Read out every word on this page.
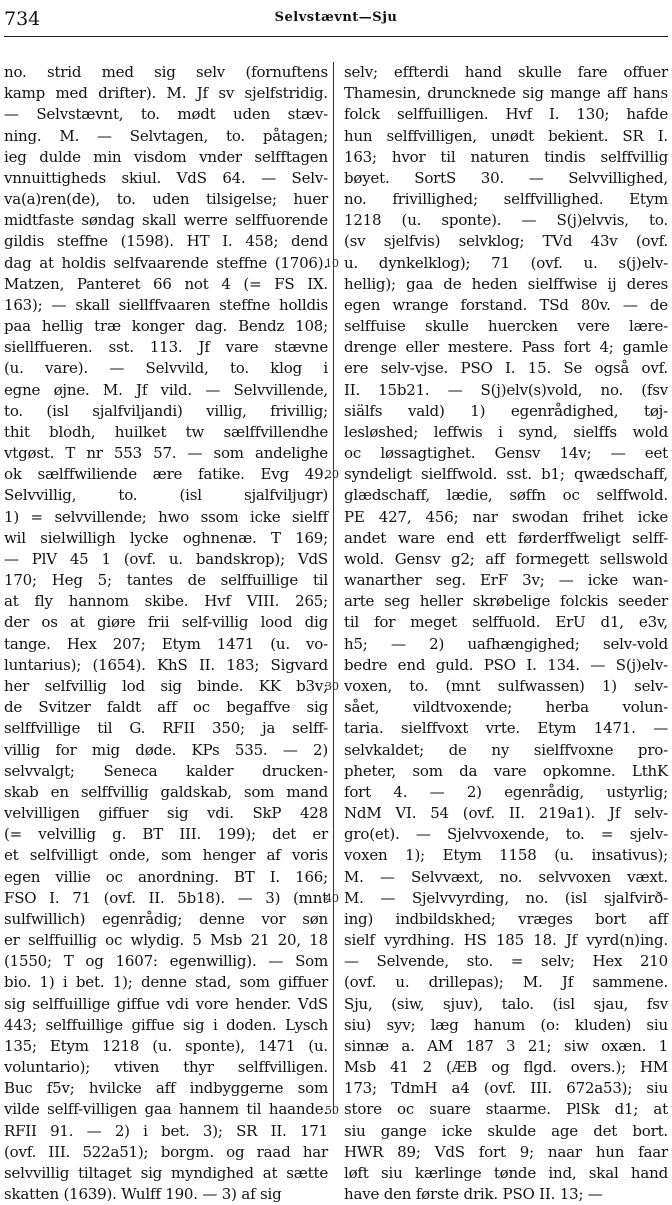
734	Selvstævnt—Sju
no. strid med sig selv (fornuftens
kamp med drifter). M. Jf sv sjelfstridig.
— Selvstævnt, to. mødt uden stæv-
ning. M. — Selvtagen, to. påtagen;
ieg dulde min visdom vnder selfftagen
vnnuittigheds skiul. VdS 64. — Selv-
va(a)ren(de), to. uden tilsigelse; huer
midtfaste søndag skall werre selffuorende
gildis steffne (1598). HT I. 458; dend
dag at holdis selfvaarende steffne (1706).
Matzen, Panteret 66 not 4 (= FS IX.
163); — skall siellffvaaren steffne holldis
paa hellig træ konger dag. Bendz 108;
siellffueren. sst. 113. Jf vare stævne
(u. vare). — Selvvild, to. klog i
egne øjne. M. Jf vild. — Selvvillende,
to. (isl sjalfviljandi) villig, frivillig;
thit blodh, huilket tw sælffvillendhe
vtgøst. T nr 553 57. — som andelighe
ok sælffwiliende ære fatike. Evg 49.
Selvvillig, to. (isl sjalfviljugr)
1) = selvvillende; hwo ssom icke sielff
wil sielwilligh lycke oghnenæ. T 169;
— PlV 45 1 (ovf. u. bandskrop); VdS
170; Heg 5; tantes de selffuillige til
at fly hannom skibe. Hvf VIII. 265;
der os at giøre frii self-villig lood dig
tange. Hex 207; Etym 1471 (u. vo-
luntarius); (1654). KhS II. 183; Sigvard
her selfvillig lod sig binde. KK b3v;
de Svitzer faldt aff oc begaffve sig
selffvillige til G. RFII 350; ja selff-
villig for mig døde. KPs 535. — 2)
selvvalgt; Seneca kalder drucken-
skab en selffvillig galdskab, som mand
velvilligen giffuer sig vdi. SkP 428
(= velvillig g. BT III. 199); det er
et selfvilligt onde, som henger af voris
egen villie oc anordning. BT I. 166;
FSO I. 71 (ovf. II. 5b18). — 3) (mnt
sulfwillich) egenrådig; denne vor søn
er selffuillig oc wlydig. 5 Msb 21 20, 18
(1550; T og 1607: egenwillig). — Som
bio. 1) i bet. 1); denne stad, som giffuer
sig selffuillige giffue vdi vore hender. VdS
443; selffuillige giffue sig i doden. Lysch
135; Etym 1218 (u. sponte), 1471 (u.
voluntario); vtiven thyr selffvilligen.
Buc f5v; hvilcke aff indbyggerne som
vilde selff-villigen gaa hannem til haande.
RFII 91. — 2) i bet. 3); SR II. 171
(ovf. III. 522a51); borgm. og raad har
selvvillig tiltaget sig myndighed at sætte
skatten (1639). Wulff 190. — 3) af sig
selv; effterdi hand skulle fare offuer
Thamesin, druncknede sig mange aff hans
folck selffuilligen. Hvf I. 130; hafde
hun selffvilligen, unødt bekient. SR I.
163; hvor til naturen tindis selffvillig
bøyet. SortS 30. — Selvvillighed,
no. frivillighed; selffvillighed. Etym
1218 (u. sponte). — S(j)elvvis, to.
(sv sjelfvis) selvklog; TVd 43v (ovf.
u. dynkelklog); 71 (ovf. u. s(j)elv-
hellig); gaa de heden sielffwise ij deres
egen wrange forstand. TSd 80v. — de
selffuise skulle huercken vere lære-
drenge eller mestere. Pass fort 4; gamle
ere selv-vjse. PSO I. 15. Se også ovf.
II. 15b21. — S(j)elv(s)vold, no. (fsv
siälfs vald) 1) egenrådighed, tøj-
lesløshed; leffwis i synd, sielffs wold
oc løssagtighet. Gensv 14v; — eet
syndeligt sielffwold. sst. b1; qwædschaff,
glædschaff, lædie, søffn oc selffwold.
PE 427, 456; nar swodan frihet icke
andet ware end ett førderffweligt selff-
wold. Gensv g2; aff formegett sellswold
wanarther seg. ErF 3v; — icke wan-
arte seg heller skrøbelige folckis seeder
til for meget selffuold. ErU d1, e3v,
h5; — 2) uafhængighed; selv-vold
bedre end guld. PSO I. 134. — S(j)elv-
voxen, to. (mnt sulfwassen) 1) selv-
sået, vildtvoxende; herba volun-
taria. sielffvoxt vrte. Etym 1471. —
selvkaldet; de ny sielffvoxne pro-
pheter, som da vare opkomne. LthK
fort 4. — 2) egenrådig, ustyrlig;
NdM VI. 54 (ovf. II. 219a1). Jf selv-
gro(et). — Sjelvvoxende, to. = sjelv-
voxen 1); Etym 1158 (u. insativus);
M. — Selvvæxt, no. selvvoxen væxt.
M. — Sjelvvyrding, no. (isl sjalfvirð-
ing) indbildskhed; vræges bort aff
sielf vyrdhing. HS 185 18. Jf vyrd(n)ing.
— Selvende, sto. = selv; Hex 210
(ovf. u. drillepas); M. Jf sammene.
Sju, (siw, sjuv), talo. (isl sjau, fsv
siu) syv; læg hanum (o: kluden) siu
sinnæ a. AM 187 3 21; siw oxæn. 1
Msb 41 2 (ÆB og flgd. overs.); HM
173; TdmH a4 (ovf. III. 672a53); siu
store oc suare staarme. PlSk d1; at
siu gange icke skulde age det bort.
HWR 89; VdS fort 9; naar hun faar
løft siu kærlinge tønde ind, skal hand
have den første drik. PSO II. 13; —
10
20
30
40
50
